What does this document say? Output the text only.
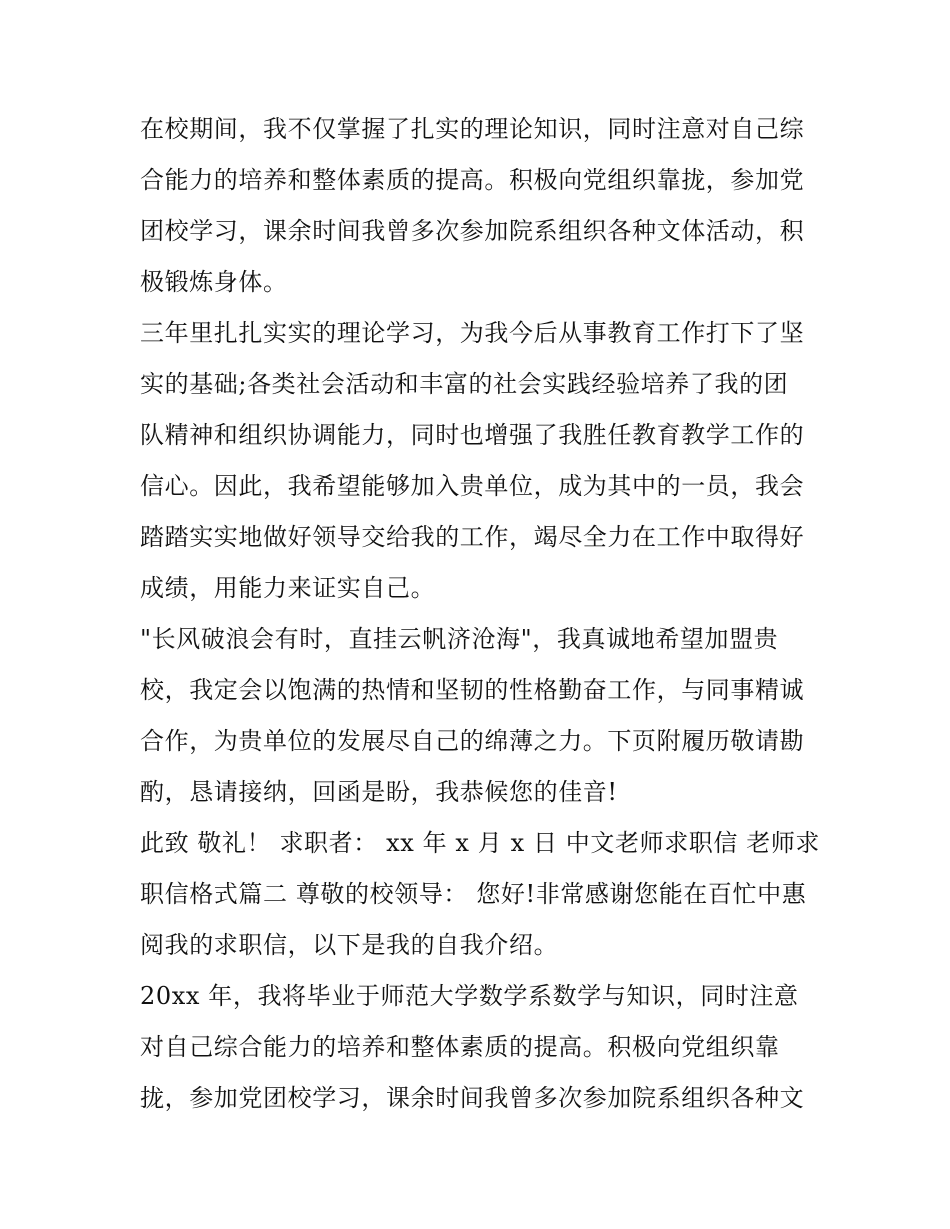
在校期间，我不仅掌握了扎实的理论知识，同时注意对自己综
合能力的培养和整体素质的提高。积极向党组织靠拢，参加党
团校学习，课余时间我曾多次参加院系组织各种文体活动，积
极锻炼身体。
三年里扎扎实实的理论学习，为我今后从事教育工作打下了坚
实的基础;各类社会活动和丰富的社会实践经验培养了我的团
队精神和组织协调能力，同时也增强了我胜任教育教学工作的
信心。因此，我希望能够加入贵单位，成为其中的一员，我会
踏踏实实地做好领导交给我的工作，竭尽全力在工作中取得好
成绩，用能力来证实自己。
"长风破浪会有时，直挂云帆济沧海"，我真诚地希望加盟贵
校，我定会以饱满的热情和坚韧的性格勤奋工作，与同事精诚
合作，为贵单位的发展尽自己的绵薄之力。下页附履历敬请勘
酌，恳请接纳，回函是盼，我恭候您的佳音!
此致 敬礼！ 求职者： xx 年 x 月 x 日 中文老师求职信 老师求
职信格式篇二 尊敬的校领导： 您好!非常感谢您能在百忙中惠
阅我的求职信，以下是我的自我介绍。
20xx 年，我将毕业于师范大学数学系数学与知识，同时注意
对自己综合能力的培养和整体素质的提高。积极向党组织靠
拢，参加党团校学习，课余时间我曾多次参加院系组织各种文
